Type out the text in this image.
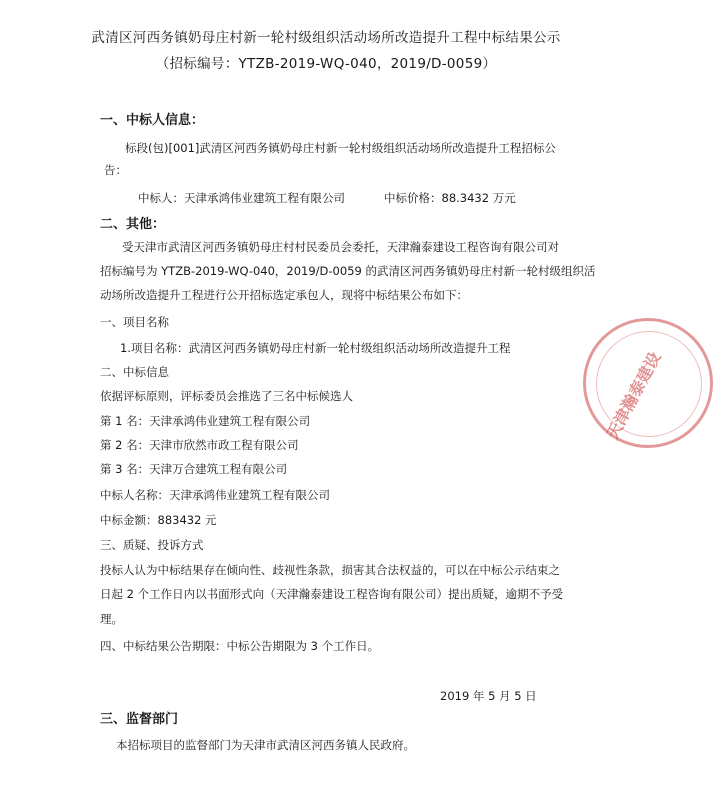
武清区河西务镇奶母庄村新一轮村级组织活动场所改造提升工程中标结果公示
（招标编号：YTZB-2019-WQ-040，2019/D-0059）
一、中标人信息：
标段(包)[001]武清区河西务镇奶母庄村新一轮村级组织活动场所改造提升工程招标公
告：
中标人：天津承鸿伟业建筑工程有限公司	中标价格：88.3432 万元
二、其他：
受天津市武清区河西务镇奶母庄村村民委员会委托，天津瀚泰建设工程咨询有限公司对
招标编号为 YTZB-2019-WQ-040，2019/D-0059 的武清区河西务镇奶母庄村新一轮村级组织活
动场所改造提升工程进行公开招标选定承包人，现将中标结果公布如下：
一、项目名称
1.项目名称：武清区河西务镇奶母庄村新一轮村级组织活动场所改造提升工程
二、中标信息
依据评标原则，评标委员会推选了三名中标候选人
第 1 名：天津承鸿伟业建筑工程有限公司
第 2 名：天津市欣然市政工程有限公司
第 3 名：天津万合建筑工程有限公司
中标人名称：天津承鸿伟业建筑工程有限公司
中标金额：883432 元
三、质疑、投诉方式
投标人认为中标结果存在倾向性、歧视性条款，损害其合法权益的，可以在中标公示结束之
日起 2 个工作日内以书面形式向（天津瀚泰建设工程咨询有限公司）提出质疑，逾期不予受
理。
四、中标结果公告期限：中标公告期限为 3 个工作日。
2019 年 5 月 5 日
三、监督部门
本招标项目的监督部门为天津市武清区河西务镇人民政府。
天津瀚泰建设
